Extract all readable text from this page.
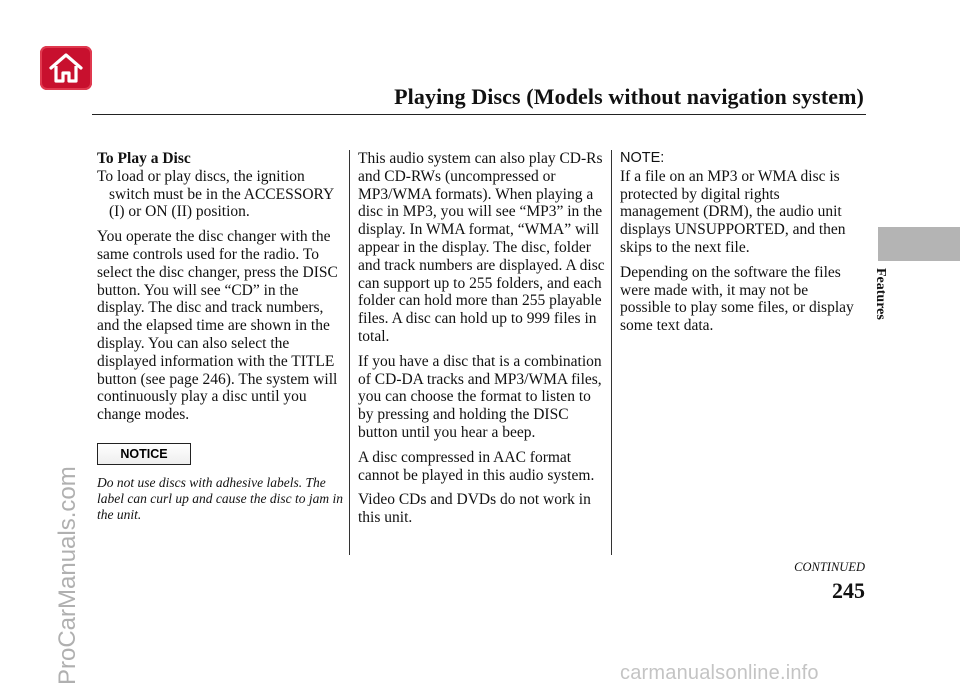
Playing Discs (Models without navigation system)
Features
ProCarManuals.com
To Play a Disc

To load or play discs, the ignition switch must be in the ACCESSORY (I) or ON (II) position.

You operate the disc changer with the same controls used for the radio. To select the disc changer, press the DISC button. You will see “CD” in the display. The disc and track numbers, and the elapsed time are shown in the display. You can also select the displayed information with the TITLE button (see page 246). The system will continuously play a disc until you change modes.

NOTICE

Do not use discs with adhesive labels. The label can curl up and cause the disc to jam in the unit.

This audio system can also play CD-Rs and CD-RWs (uncompressed or MP3/WMA formats). When playing a disc in MP3, you will see “MP3” in the display. In WMA format, “WMA” will appear in the display. The disc, folder and track numbers are displayed. A disc can support up to 255 folders, and each folder can hold more than 255 playable files. A disc can hold up to 999 files in total.

If you have a disc that is a combination of CD-DA tracks and MP3/WMA files, you can choose the format to listen to by pressing and holding the DISC button until you hear a beep.

A disc compressed in AAC format cannot be played in this audio system.

Video CDs and DVDs do not work in this unit.

NOTE:

If a file on an MP3 or WMA disc is protected by digital rights management (DRM), the audio unit displays UNSUPPORTED, and then skips to the next file.

Depending on the software the files were made with, it may not be possible to play some files, or display some text data.

CONTINUED
245
carmanualsonline.info
